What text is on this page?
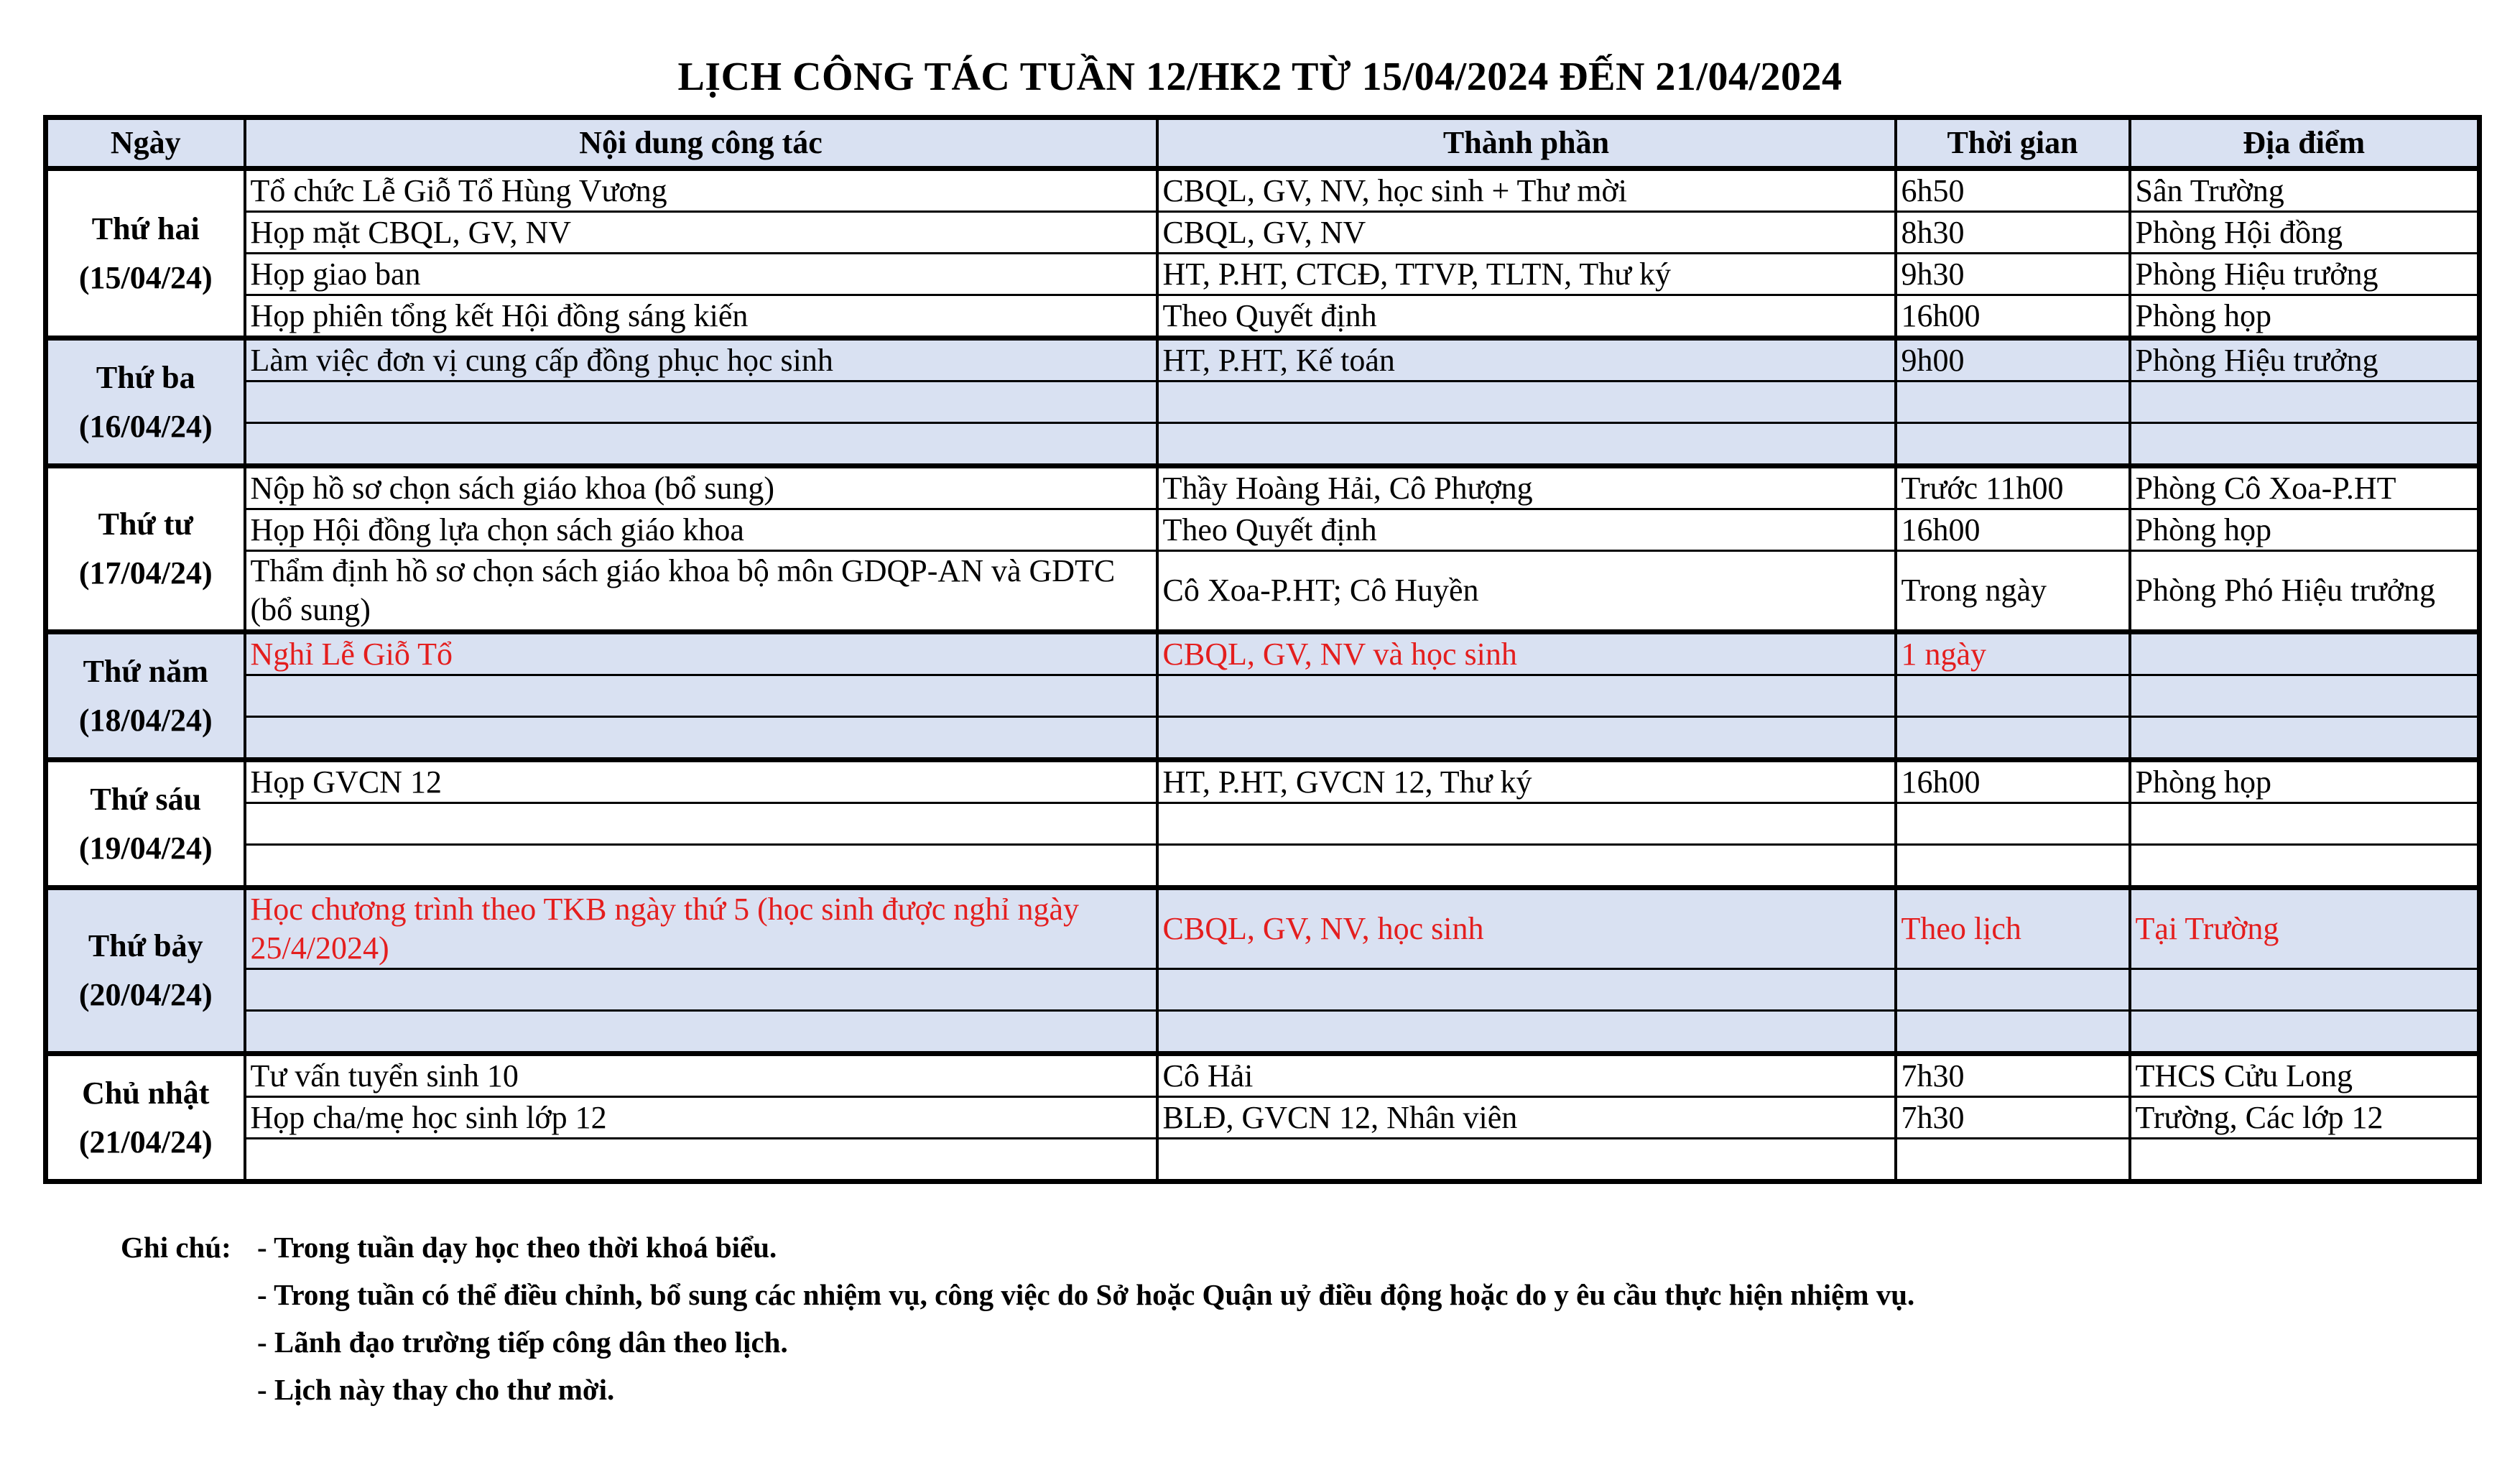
LỊCH CÔNG TÁC TUẦN 12/HK2 TỪ 15/04/2024 ĐẾN 21/04/2024
Ngày	Nội dung công tác	Thành phần	Thời gian	Địa điểm

Thứ hai
(15/04/24)	Tổ chức Lễ Giỗ Tổ Hùng Vương	CBQL, GV, NV, học sinh + Thư mời	6h50	Sân Trường
	Họp mặt CBQL, GV, NV	CBQL, GV, NV	8h30	Phòng Hội đồng
	Họp giao ban	HT, P.HT, CTCĐ, TTVP, TLTN, Thư ký	9h30	Phòng Hiệu trưởng
	Họp phiên tổng kết Hội đồng sáng kiến	Theo Quyết định	16h00	Phòng họp

Thứ ba
(16/04/24)	Làm việc đơn vị cung cấp đồng phục học sinh	HT, P.HT, Kế toán	9h00	Phòng Hiệu trưởng

Thứ tư
(17/04/24)	Nộp hồ sơ chọn sách giáo khoa (bổ sung)	Thầy Hoàng Hải, Cô Phượng	Trước 11h00	Phòng Cô Xoa-P.HT
	Họp Hội đồng lựa chọn sách giáo khoa	Theo Quyết định	16h00	Phòng họp
	Thẩm định hồ sơ chọn sách giáo khoa bộ môn GDQP-AN và GDTC (bổ sung)	Cô Xoa-P.HT; Cô Huyền	Trong ngày	Phòng Phó Hiệu trưởng

Thứ năm
(18/04/24)	Nghỉ Lễ Giỗ Tổ	CBQL, GV, NV và học sinh	1 ngày	

Thứ sáu
(19/04/24)	Họp GVCN 12	HT, P.HT, GVCN 12, Thư ký	16h00	Phòng họp

Thứ bảy
(20/04/24)	Học chương trình theo TKB ngày thứ 5 (học sinh được nghỉ ngày 25/4/2024)	CBQL, GV, NV, học sinh	Theo lịch	Tại Trường

Chủ nhật
(21/04/24)	Tư vấn tuyển sinh 10	Cô Hải	7h30	THCS Cửu Long
	Họp cha/mẹ học sinh lớp 12	BLĐ, GVCN 12, Nhân viên	7h30	Trường, Các lớp 12

Ghi chú: - Trong tuần dạy học theo thời khoá biểu.
- Trong tuần có thể điều chỉnh, bổ sung các nhiệm vụ, công việc do Sở hoặc Quận uỷ điều động hoặc do y êu cầu thực hiện nhiệm vụ.
- Lãnh đạo trường tiếp công dân theo lịch.
- Lịch này thay cho thư mời.
